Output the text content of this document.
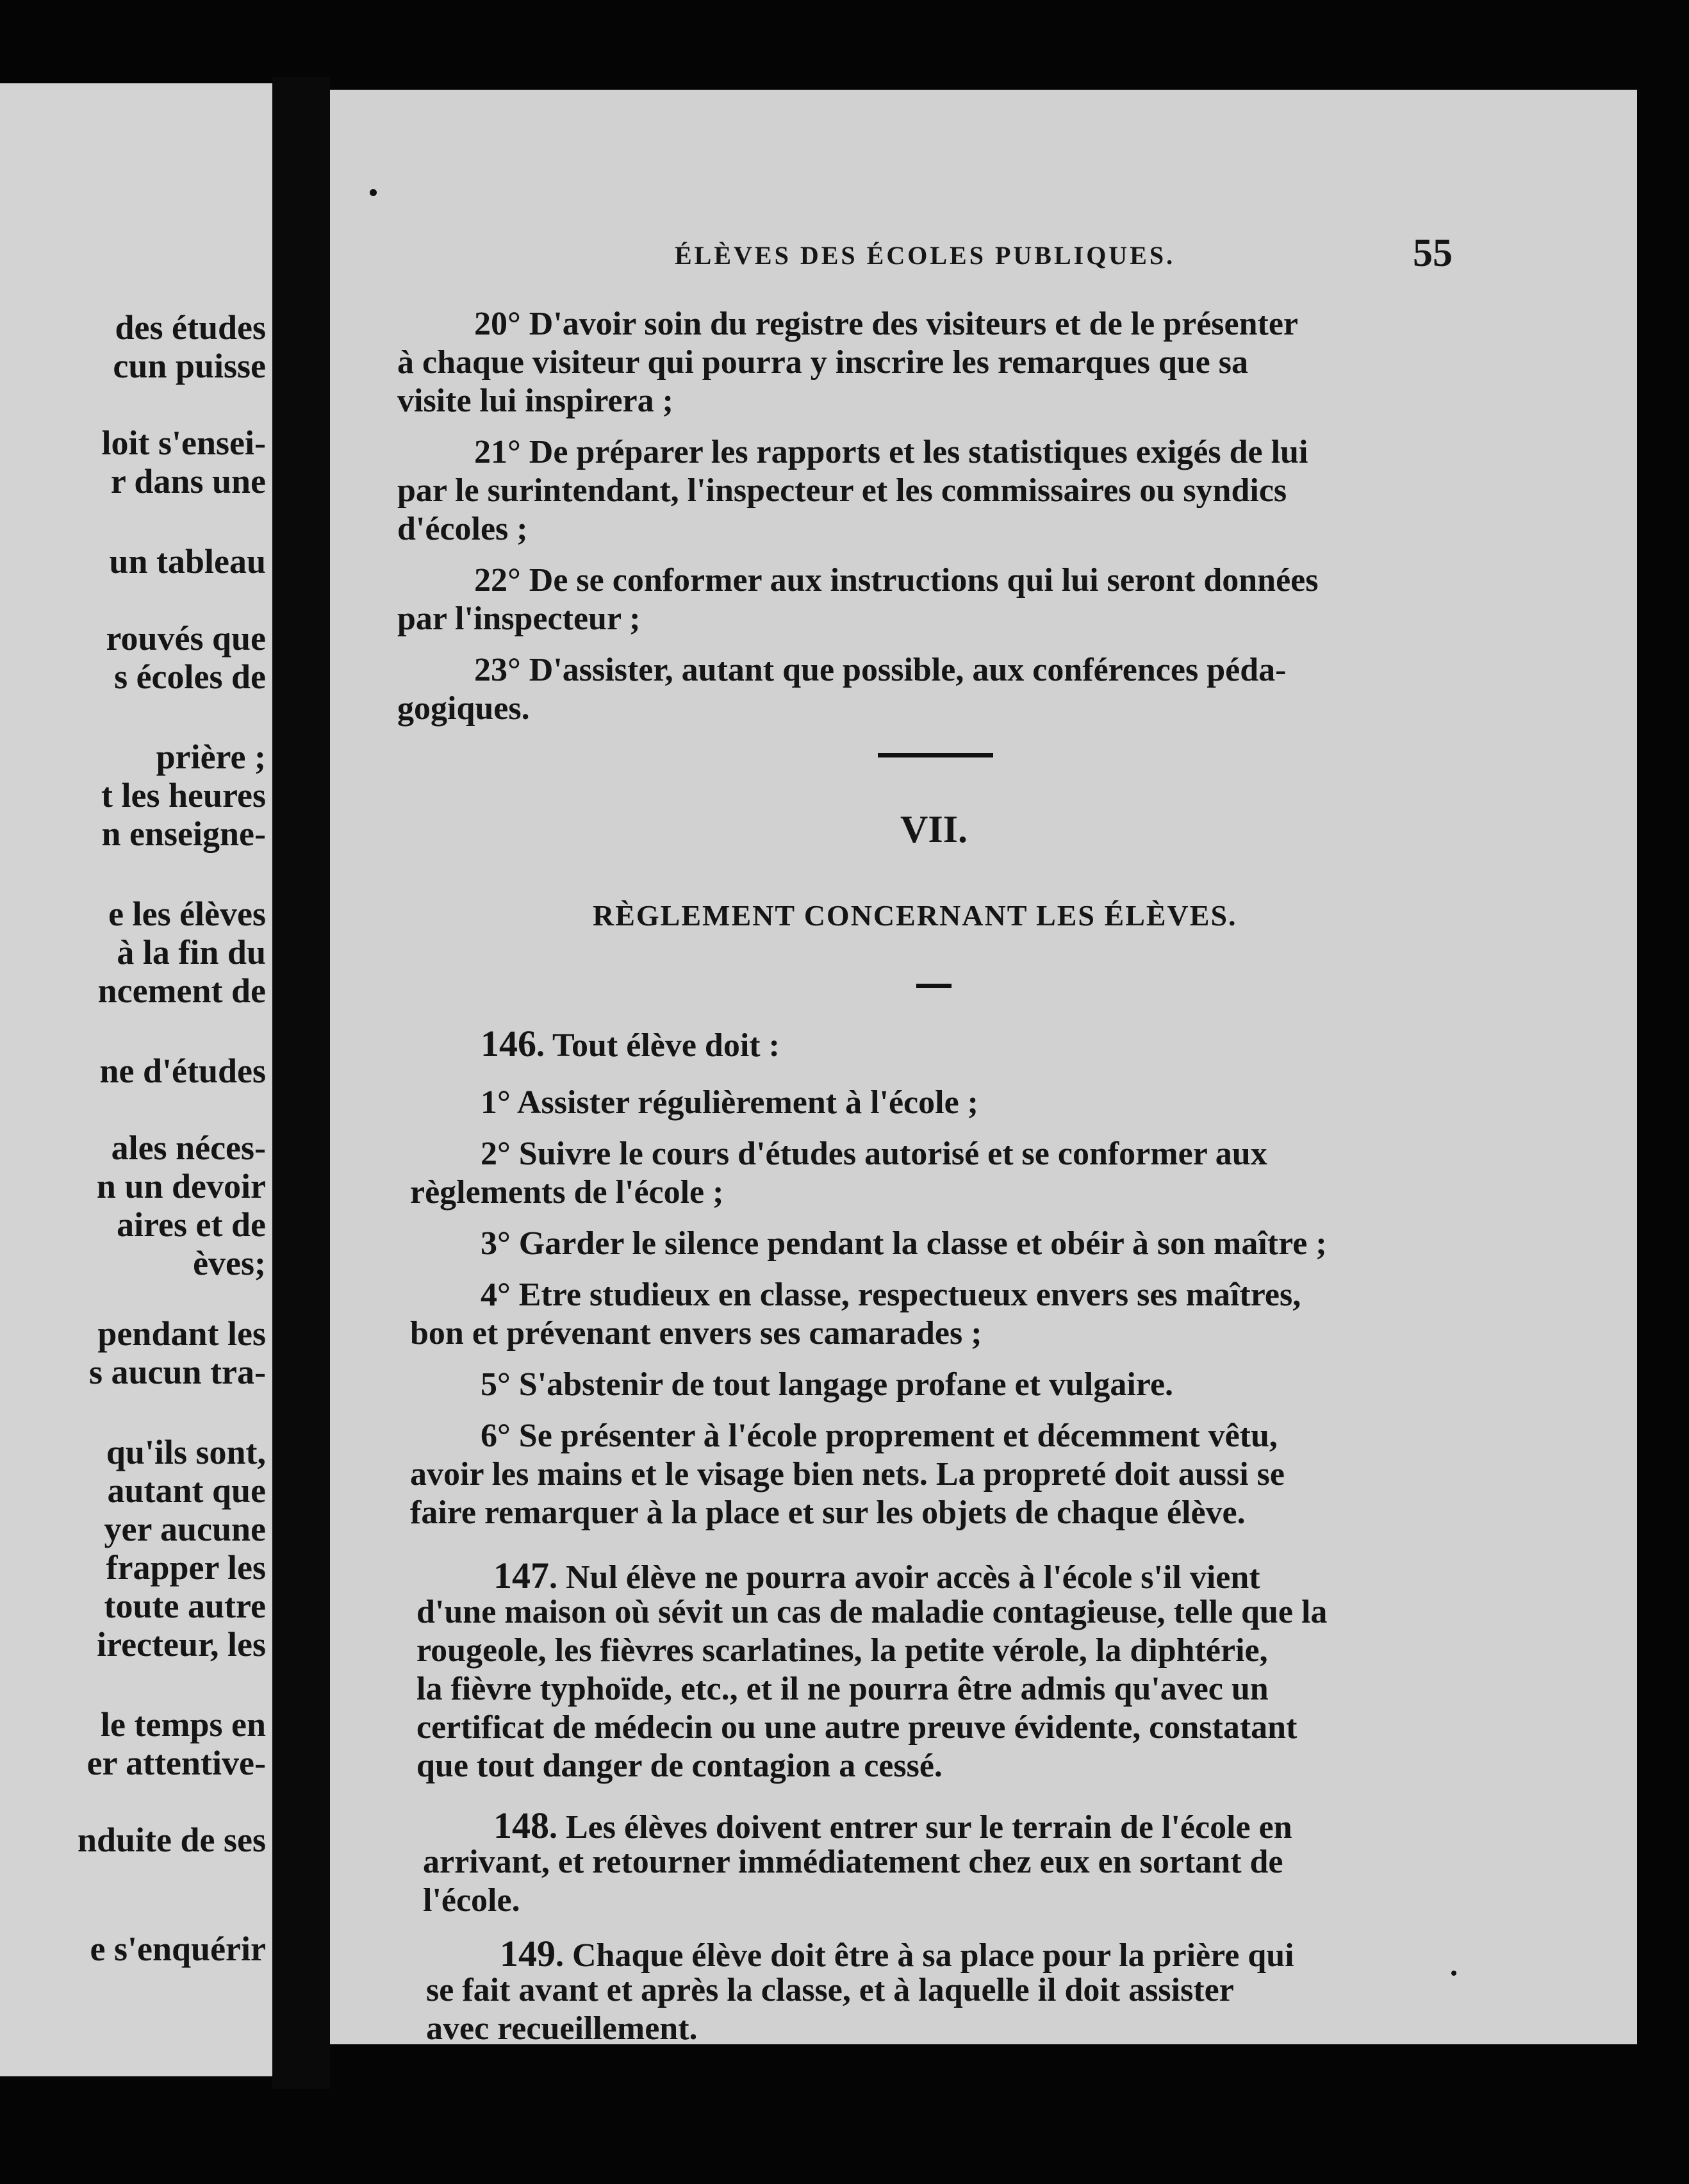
des études

cun puisse

loit s'ensei-

r dans une

un tableau

rouvés que

s écoles de

prière ;

t les heures

n enseigne-

e les élèves

à la fin du

ncement de

ne d'études

ales néces-

n un devoir

aires et de

èves;

pendant les

s aucun tra-

qu'ils sont,

autant que

yer aucune

frapper les

toute autre

irecteur, les

le temps en

er attentive-

nduite de ses

e s'enquérir

ÉLÈVES DES ÉCOLES PUBLIQUES.	55

20° D'avoir soin du registre des visiteurs et de le présenter

à chaque visiteur qui pourra y inscrire les remarques que sa

visite lui inspirera ;

21° De préparer les rapports et les statistiques exigés de lui

par le surintendant, l'inspecteur et les commissaires ou syndics

d'écoles ;

22° De se conformer aux instructions qui lui seront données

par l'inspecteur ;

23° D'assister, autant que possible, aux conférences péda-

gogiques.

VII.

RÈGLEMENT CONCERNANT LES ÉLÈVES.

146. Tout élève doit :

1° Assister régulièrement à l'école ;

2° Suivre le cours d'études autorisé et se conformer aux

règlements de l'école ;

3° Garder le silence pendant la classe et obéir à son maître ;

4° Etre studieux en classe, respectueux envers ses maîtres,

bon et prévenant envers ses camarades ;

5° S'abstenir de tout langage profane et vulgaire.

6° Se présenter à l'école proprement et décemment vêtu,

avoir les mains et le visage bien nets. La propreté doit aussi se

faire remarquer à la place et sur les objets de chaque élève.

147. Nul élève ne pourra avoir accès à l'école s'il vient

d'une maison où sévit un cas de maladie contagieuse, telle que la

rougeole, les fièvres scarlatines, la petite vérole, la diphtérie,

la fièvre typhoïde, etc., et il ne pourra être admis qu'avec un

certificat de médecin ou une autre preuve évidente, constatant

que tout danger de contagion a cessé.

148. Les élèves doivent entrer sur le terrain de l'école en

arrivant, et retourner immédiatement chez eux en sortant de

l'école.

149. Chaque élève doit être à sa place pour la prière qui

se fait avant et après la classe, et à laquelle il doit assister

avec recueillement.
